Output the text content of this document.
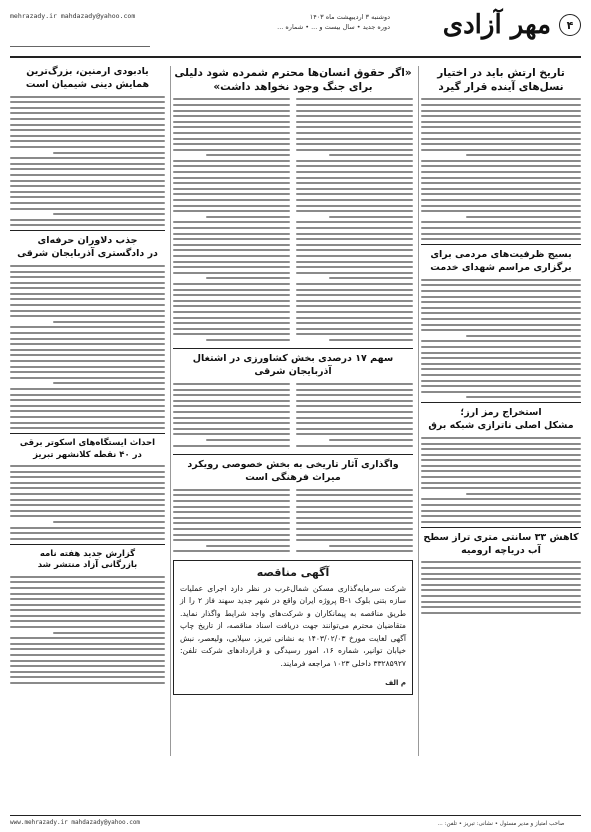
۴
مهر آزادی
دوشنبه ۳ اردیبهشت ماه ۱۴۰۳
دوره جدید • سال بیست و ... • شماره ...
mehrazady.ir mahdazady@yahoo.com
تاریخ ارتش باید در اختیار
نسل‌های آینده قرار گیرد
بسیج ظرفیت‌های مردمی برای
برگزاری مراسم شهدای خدمت
استخراج رمز ارز؛
مشکل اصلی ناترازی شبکه برق
کاهش ۳۳ سانتی متری تراز سطح
آب دریاچه ارومیه
«اگر حقوق انسان‌ها محترم شمرده شود دلیلی برای جنگ وجود نخواهد داشت»
سهم ۱۷ درصدی بخش کشاورزی در اشتغال آذربایجان شرقی
واگذاری آثار تاریخی به بخش خصوصی رویکرد میراث فرهنگی است
آگهی مناقصه
شرکت سرمایه‌گذاری مسکن شمال‌غرب در نظر دارد اجرای عملیات سازه بتنی بلوک B-۱ پروژه ایران واقع در شهر جدید سهند فاز ۲ را از طریق مناقصه به پیمانکاران و شرکت‌های واجد شرایط واگذار نماید. متقاضیان محترم می‌توانند جهت دریافت اسناد مناقصه، از تاریخ چاپ آگهی لغایت مورخ ۱۴۰۳/۰۲/۰۳ به نشانی تبریز، سیلابی، ولیعصر، نبش خیابان توانیر، شماره ۱۶، امور رسیدگی و قراردادهای شرکت تلفن: ۳۳۲۸۵۹۲۷ داخلی ۱۰۲۳ مراجعه فرمایند.
م الف
یادبودی ارمنین، بزرگ‌ترین
همایش دینی شیمیان است
جذب دلاوران حرفه‌ای
در دادگستری آذربایجان شرقی
احداث ایستگاه‌های اسکوتر برقی
در ۴۰ نقطه کلانشهر تبریز
گزارش جدید هفته نامه
بازرگانی آزاد منتشر شد
www.mehrazady.ir mahdazady@yahoo.com	صاحب امتیاز و مدیر مسئول • نشانی: تبریز • تلفن: ...
